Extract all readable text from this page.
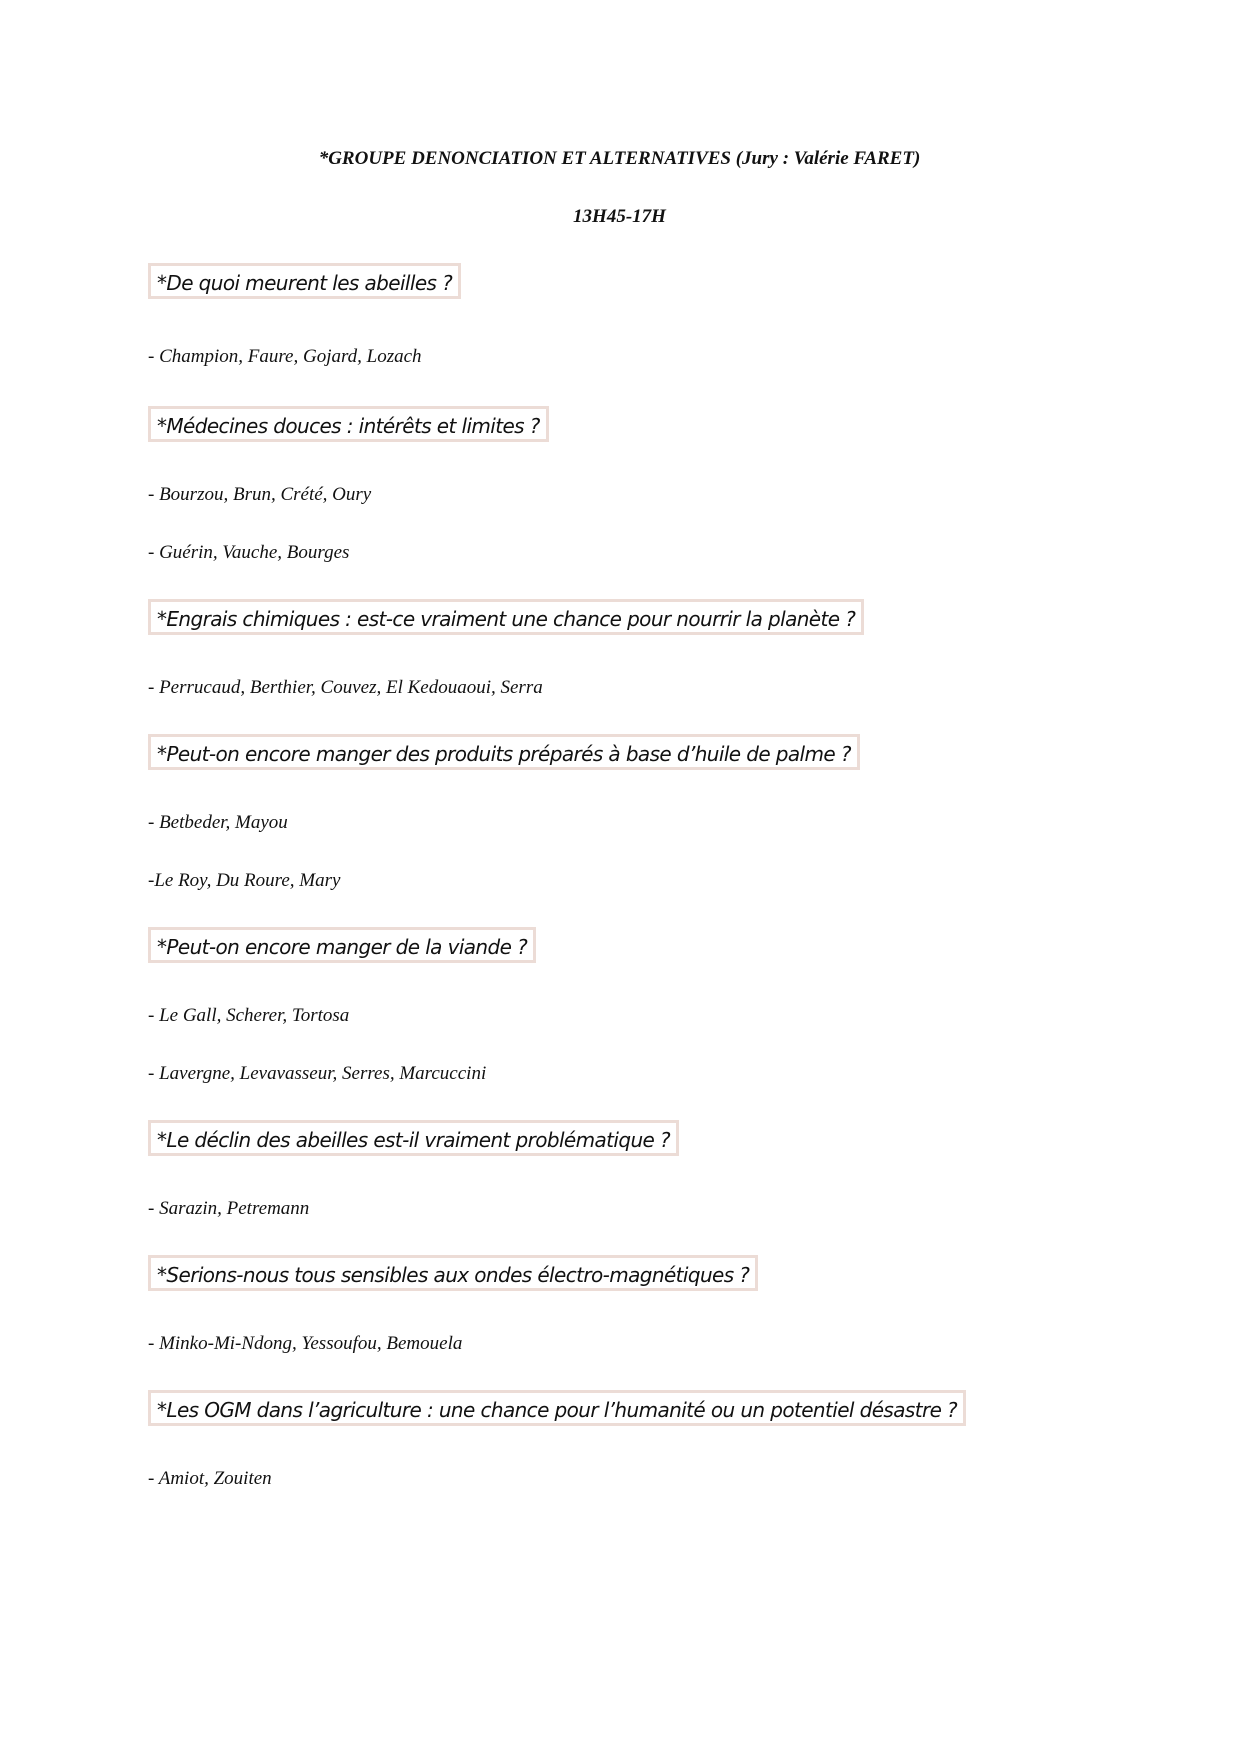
*GROUPE DENONCIATION ET ALTERNATIVES (Jury : Valérie FARET)
13H45-17H
*De quoi meurent les abeilles ?
- Champion, Faure, Gojard, Lozach
*Médecines douces : intérêts et limites ?
- Bourzou, Brun, Crété, Oury
- Guérin, Vauche, Bourges
*Engrais chimiques : est-ce vraiment une chance pour nourrir la planète ?
- Perrucaud, Berthier, Couvez, El Kedouaoui, Serra
*Peut-on encore manger des produits préparés à base d’huile de palme ?
- Betbeder, Mayou
-Le Roy, Du Roure, Mary
*Peut-on encore manger de la viande ?
- Le Gall, Scherer, Tortosa
- Lavergne, Levavasseur, Serres, Marcuccini
*Le déclin des abeilles est-il vraiment problématique ?
- Sarazin, Petremann
*Serions-nous tous sensibles aux ondes électro-magnétiques ?
- Minko-Mi-Ndong, Yessoufou, Bemouela
*Les OGM dans l’agriculture : une chance pour l’humanité ou un potentiel désastre ?
- Amiot, Zouiten
